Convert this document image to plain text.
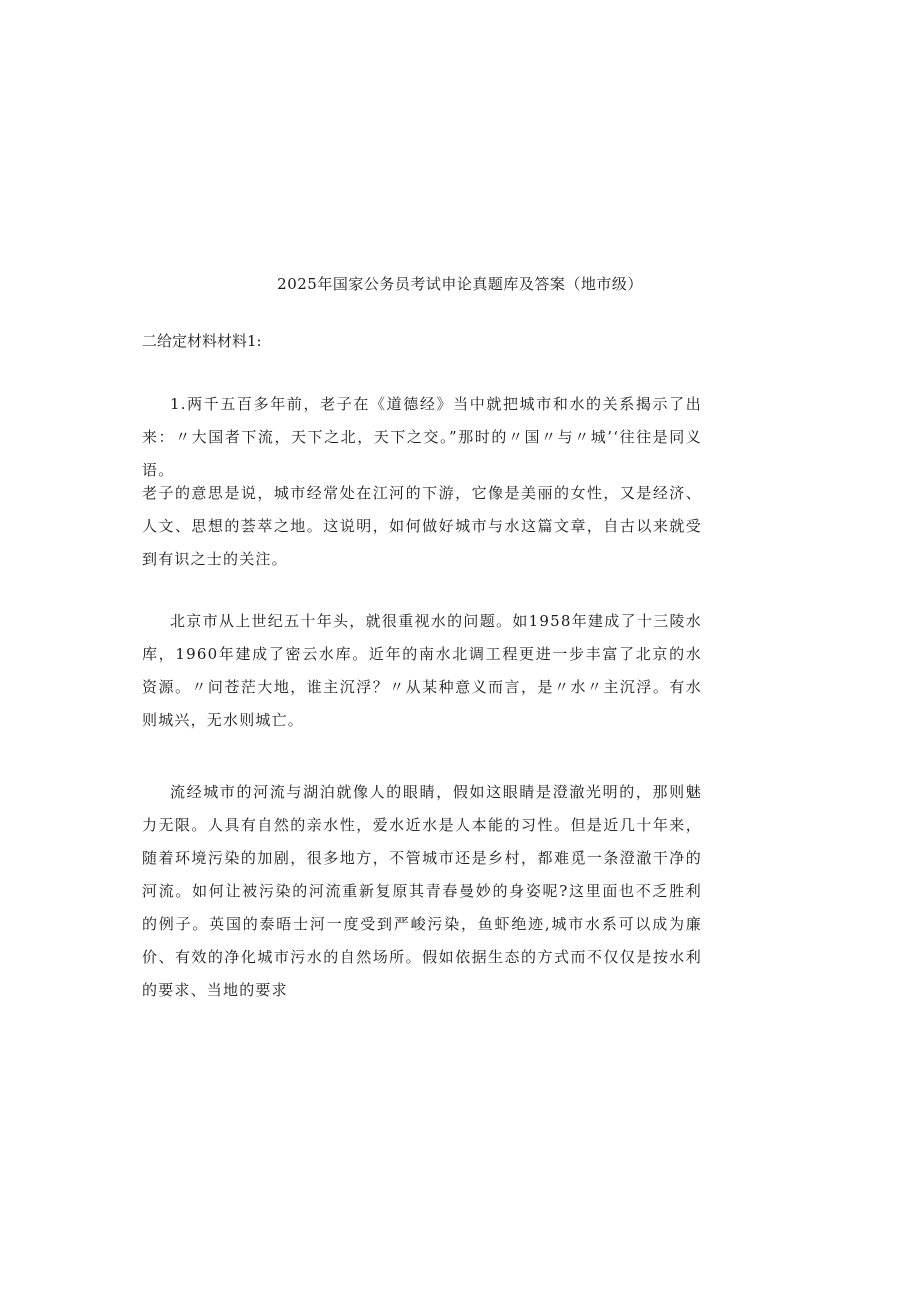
2025年国家公务员考试申论真题库及答案（地市级）
二给定材料材料1:

1.两千五百多年前，老子在《道德经》当中就把城市和水的关系揭示了出来：〃大国者下流，天下之北，天下之交。”那时的〃国〃与〃城’‘往往是同义语。

老子的意思是说，城市经常处在江河的下游，它像是美丽的女性，又是经济、人文、思想的荟萃之地。这说明，如何做好城市与水这篇文章，自古以来就受到有识之士的关注。

北京市从上世纪五十年头，就很重视水的问题。如1958年建成了十三陵水库，1960年建成了密云水库。近年的南水北调工程更进一步丰富了北京的水资源。〃问苍茫大地，谁主沉浮？〃从某种意义而言，是〃水〃主沉浮。有水则城兴，无水则城亡。

流经城市的河流与湖泊就像人的眼睛，假如这眼睛是澄澈光明的，那则魅力无限。人具有自然的亲水性，爱水近水是人本能的习性。但是近几十年来，随着环境污染的加剧，很多地方，不管城市还是乡村，都难觅一条澄澈干净的河流。如何让被污染的河流重新复原其青春曼妙的身姿呢?这里面也不乏胜利的例子。英国的泰晤士河一度受到严峻污染，鱼虾绝迹,城市水系可以成为廉价、有效的净化城市污水的自然场所。假如依据生态的方式而不仅仅是按水利的要求、当地的要求
